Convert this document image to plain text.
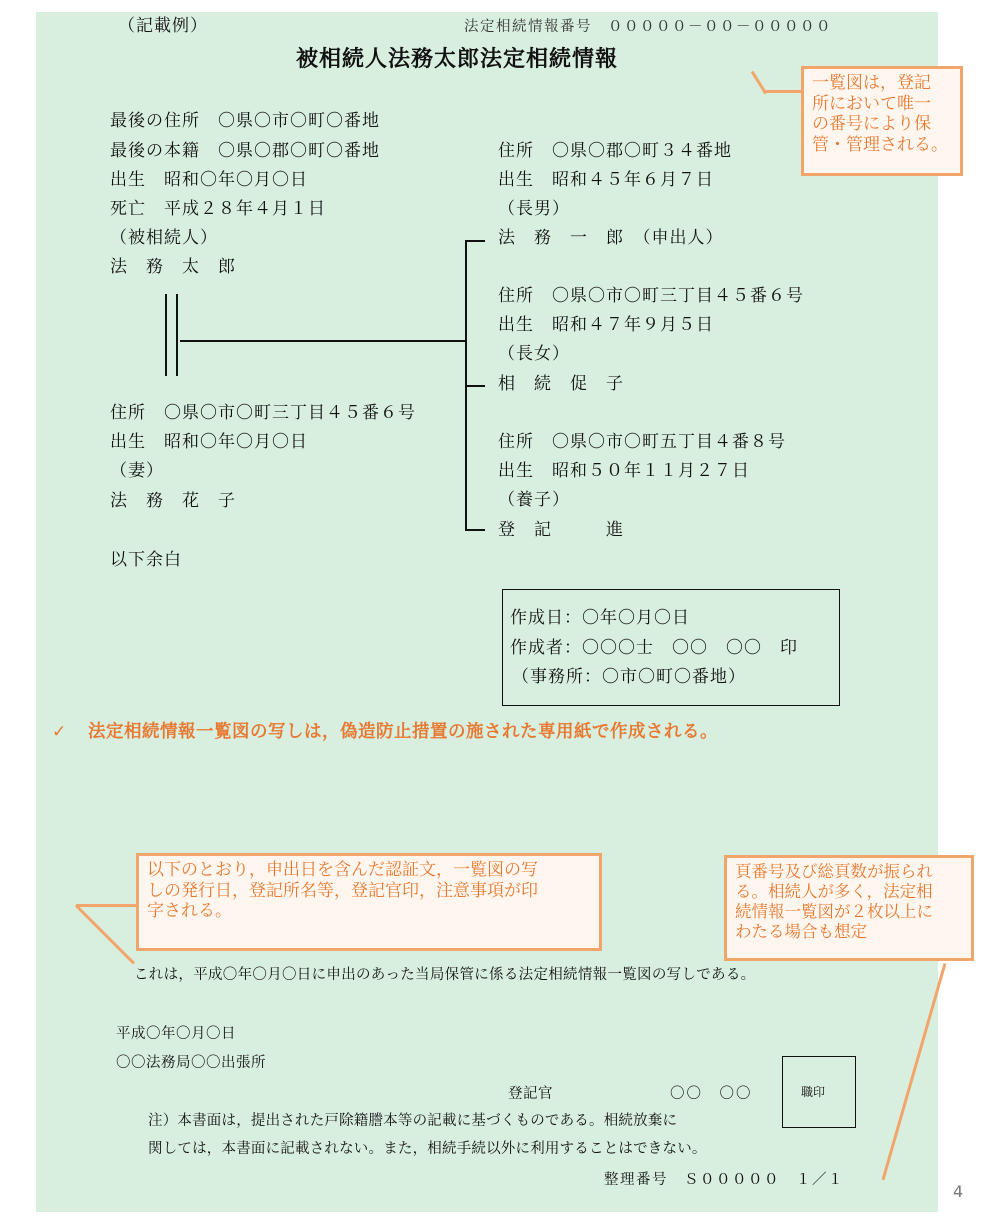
（記載例）	法定相続情報番号　０００００－００－０００００
被相続人法務太郎法定相続情報
最後の住所　〇県〇市〇町〇番地
最後の本籍　〇県〇郡〇町〇番地
出生　昭和〇年〇月〇日
死亡　平成２８年４月１日
（被相続人）
法　務　太　郎
住所　〇県〇市〇町三丁目４５番６号
出生　昭和〇年〇月〇日
（妻）
法　務　花　子
以下余白
住所　〇県〇郡〇町３４番地
出生　昭和４５年６月７日
（長男）
法　務　一　郎　（申出人）
住所　〇県〇市〇町三丁目４５番６号
出生　昭和４７年９月５日
（長女）
相　続　促　子
住所　〇県〇市〇町五丁目４番８号
出生　昭和５０年１１月２７日
（養子）
登　記　　　進
作成日：〇年〇月〇日
作成者：〇〇〇士　〇〇　〇〇　印
（事務所：〇市〇町〇番地）
✓ 法定相続情報一覧図の写しは，偽造防止措置の施された専用紙で作成される。
一覧図は，登記
所において唯一
の番号により保
管・管理される。
以下のとおり，申出日を含んだ認証文，一覧図の写
しの発行日，登記所名等，登記官印，注意事項が印
字される。
頁番号及び総頁数が振られ
る。相続人が多く，法定相
続情報一覧図が２枚以上に
わたる場合も想定
これは，平成〇年〇月〇日に申出のあった当局保管に係る法定相続情報一覧図の写しである。
平成〇年〇月〇日
〇〇法務局〇〇出張所
登記官	〇〇　〇〇	職印
注）本書面は，提出された戸除籍謄本等の記載に基づくものである。相続放棄に
関しては，本書面に記載されない。また，相続手続以外に利用することはできない。
整理番号　Ｓ０００００　１／１
4
